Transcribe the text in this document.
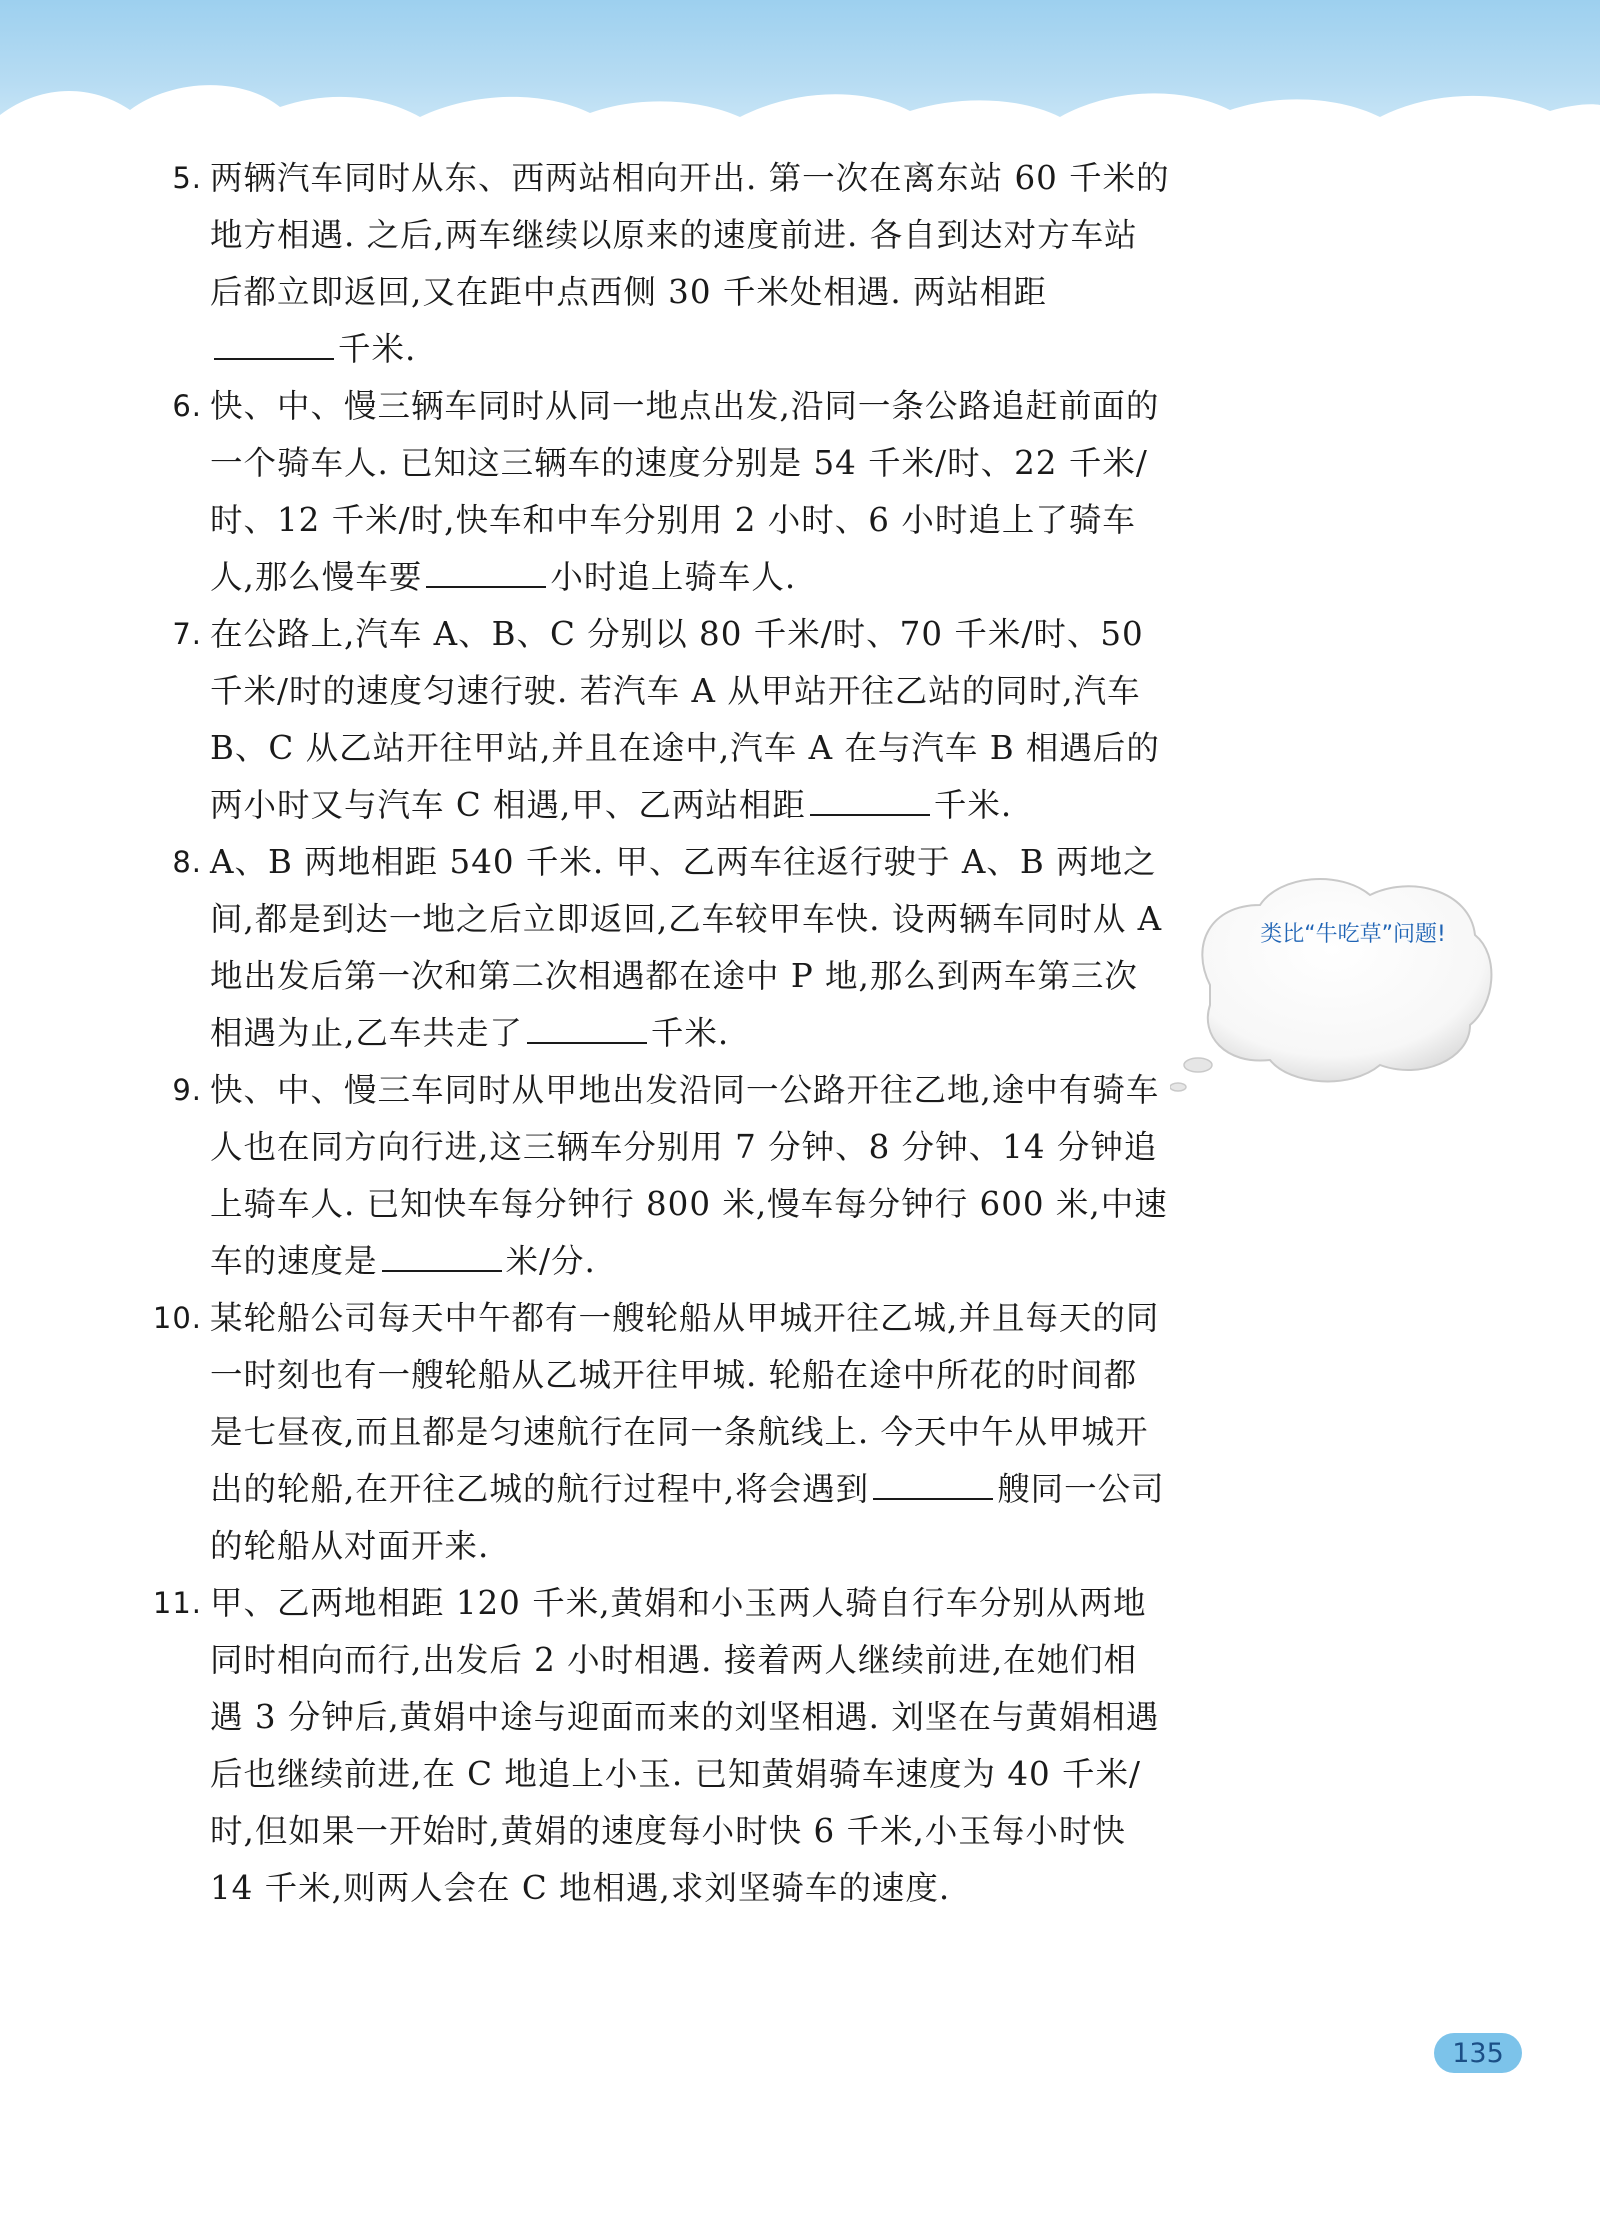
5. 两辆汽车同时从东、西两站相向开出. 第一次在离东站 60 千米的地方相遇. 之后,两车继续以原来的速度前进. 各自到达对方车站后都立即返回,又在距中点西侧 30 千米处相遇. 两站相距千米.
6. 快、中、慢三辆车同时从同一地点出发,沿同一条公路追赶前面的一个骑车人. 已知这三辆车的速度分别是 54 千米/时、22 千米/时、12 千米/时,快车和中车分别用 2 小时、6 小时追上了骑车人,那么慢车要	小时追上骑车人.
7. 在公路上,汽车 A、B、C 分别以 80 千米/时、70 千米/时、50 千米/时的速度匀速行驶. 若汽车 A 从甲站开往乙站的同时,汽车 B、C 从乙站开往甲站,并且在途中,汽车 A 在与汽车 B 相遇后的两小时又与汽车 C 相遇,甲、乙两站相距	千米.
8. A、B 两地相距 540 千米. 甲、乙两车往返行驶于 A、B 两地之间,都是到达一地之后立即返回,乙车较甲车快. 设两辆车同时从 A 地出发后第一次和第二次相遇都在途中 P 地,那么到两车第三次相遇为止,乙车共走了	千米.
9. 快、中、慢三车同时从甲地出发沿同一公路开往乙地,途中有骑车人也在同方向行进,这三辆车分别用 7 分钟、8 分钟、14 分钟追上骑车人. 已知快车每分钟行 800 米,慢车每分钟行 600 米,中速车的速度是	米/分.
10. 某轮船公司每天中午都有一艘轮船从甲城开往乙城,并且每天的同一时刻也有一艘轮船从乙城开往甲城. 轮船在途中所花的时间都是七昼夜,而且都是匀速航行在同一条航线上. 今天中午从甲城开出的轮船,在开往乙城的航行过程中,将会遇到	艘同一公司的轮船从对面开来.
11. 甲、乙两地相距 120 千米,黄娟和小玉两人骑自行车分别从两地同时相向而行,出发后 2 小时相遇. 接着两人继续前进,在她们相遇 3 分钟后,黄娟中途与迎面而来的刘坚相遇. 刘坚在与黄娟相遇后也继续前进,在 C 地追上小玉. 已知黄娟骑车速度为 40 千米/时,但如果一开始时,黄娟的速度每小时快 6 千米,小玉每小时快 14 千米,则两人会在 C 地相遇,求刘坚骑车的速度.
类比“牛吃草”问题!
135
